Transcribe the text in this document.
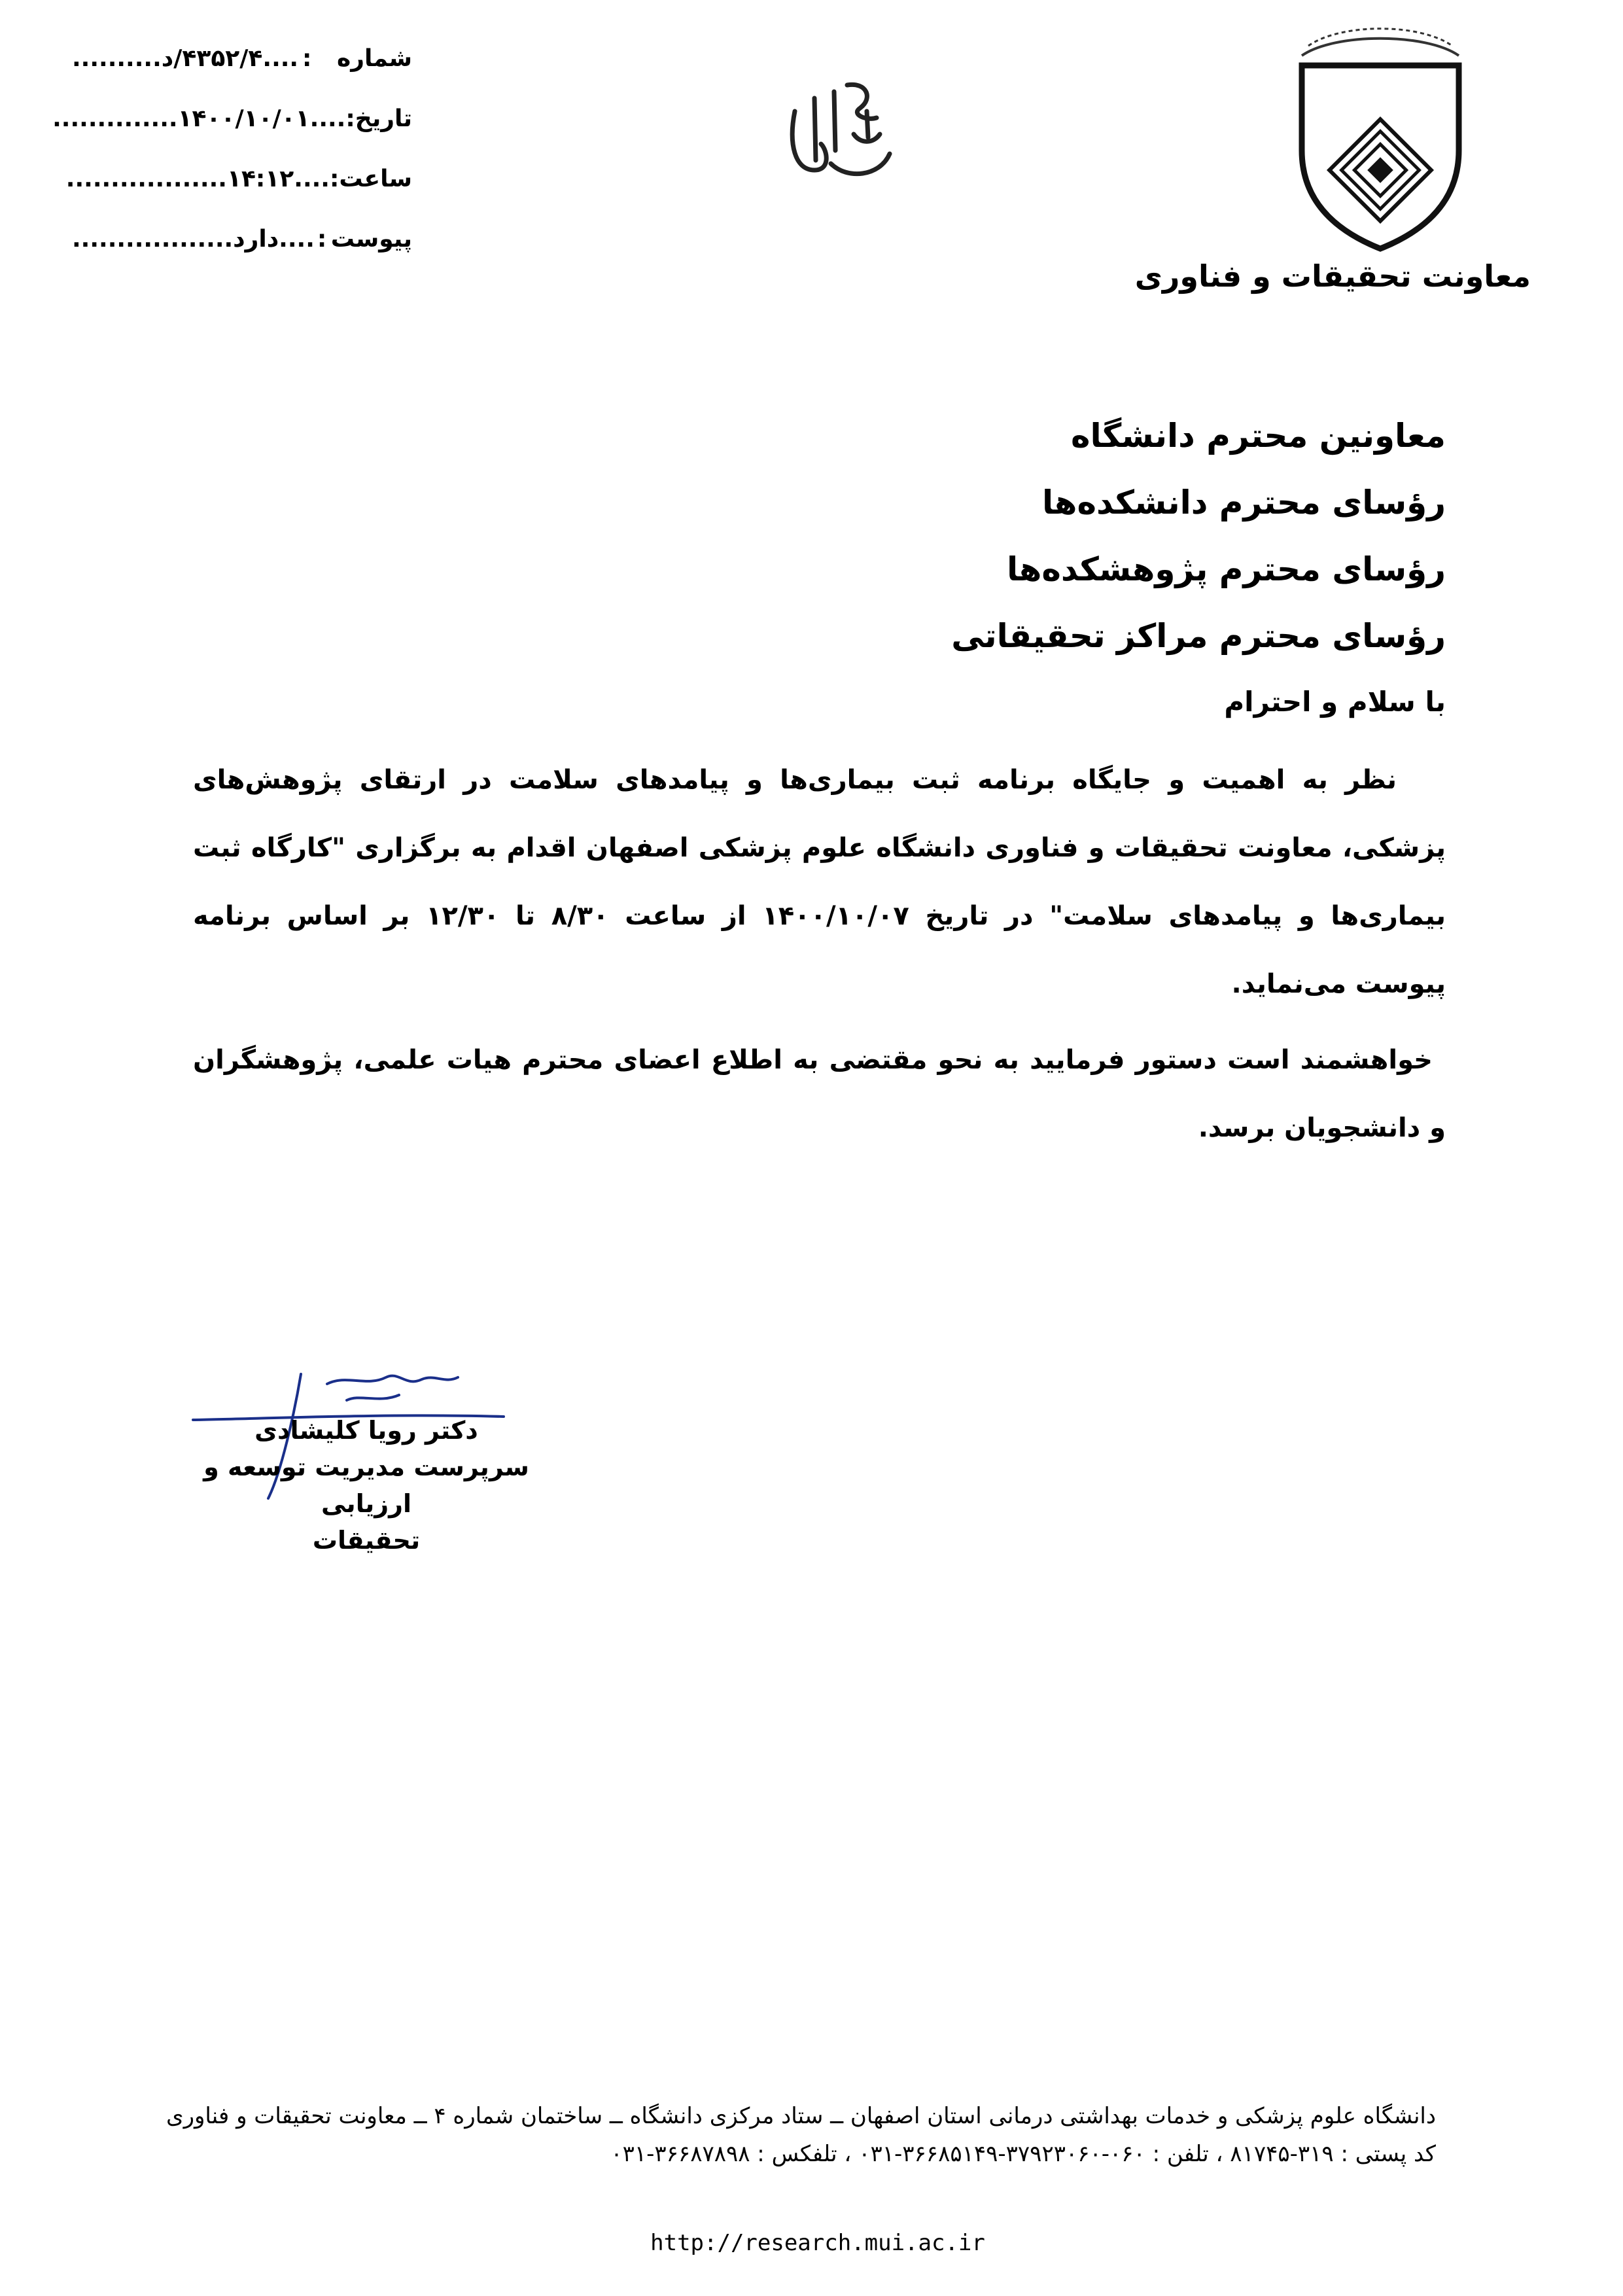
شماره
:
....۴۳۵۲/۴/د..........
تاریخ
:
....۱۴۰۰/۱۰/۰۱..............
ساعت
:
....۱۴:۱۲..................
پیوست
:
....دارد..................
معاونت تحقیقات و فناوری
معاونین محترم دانشگاه
رؤسای محترم دانشکده‌ها
رؤسای محترم پژوهشکده‌ها
رؤسای محترم مراکز تحقیقاتی
با سلام و احترام

نظر به اهمیت و جایگاه برنامه ثبت بیماری‌ها و پیامدهای سلامت در ارتقای پژوهش‌های پزشکی، معاونت تحقیقات و فناوری دانشگاه علوم پزشکی اصفهان اقدام به برگزاری "کارگاه ثبت بیماری‌ها و پیامدهای سلامت" در تاریخ ۱۴۰۰/۱۰/۰۷ از ساعت ۸/۳۰ تا ۱۲/۳۰ بر اساس برنامه پیوست می‌نماید.

خواهشمند است دستور فرمایید به نحو مقتضی به اطلاع اعضای محترم هیات علمی، پژوهشگران و دانشجویان برسد.

دکتر رویا کلیشادی
سرپرست مدیریت توسعه و ارزیابی
تحقیقات
دانشگاه علوم پزشکی و خدمات بهداشتی درمانی استان اصفهان ــ ستاد مرکزی دانشگاه ــ ساختمان شماره ۴ ــ معاونت تحقیقات و فناوری
کد پستی : ۳۱۹-۸۱۷۴۵ ، تلفن : ۰۶۰-۳۷۹۲۳۰۶۰-۳۶۶۸۵۱۴۹-۰۳۱ ، تلفکس : ۳۶۶۸۷۸۹۸-۰۳۱
http://research.mui.ac.ir
